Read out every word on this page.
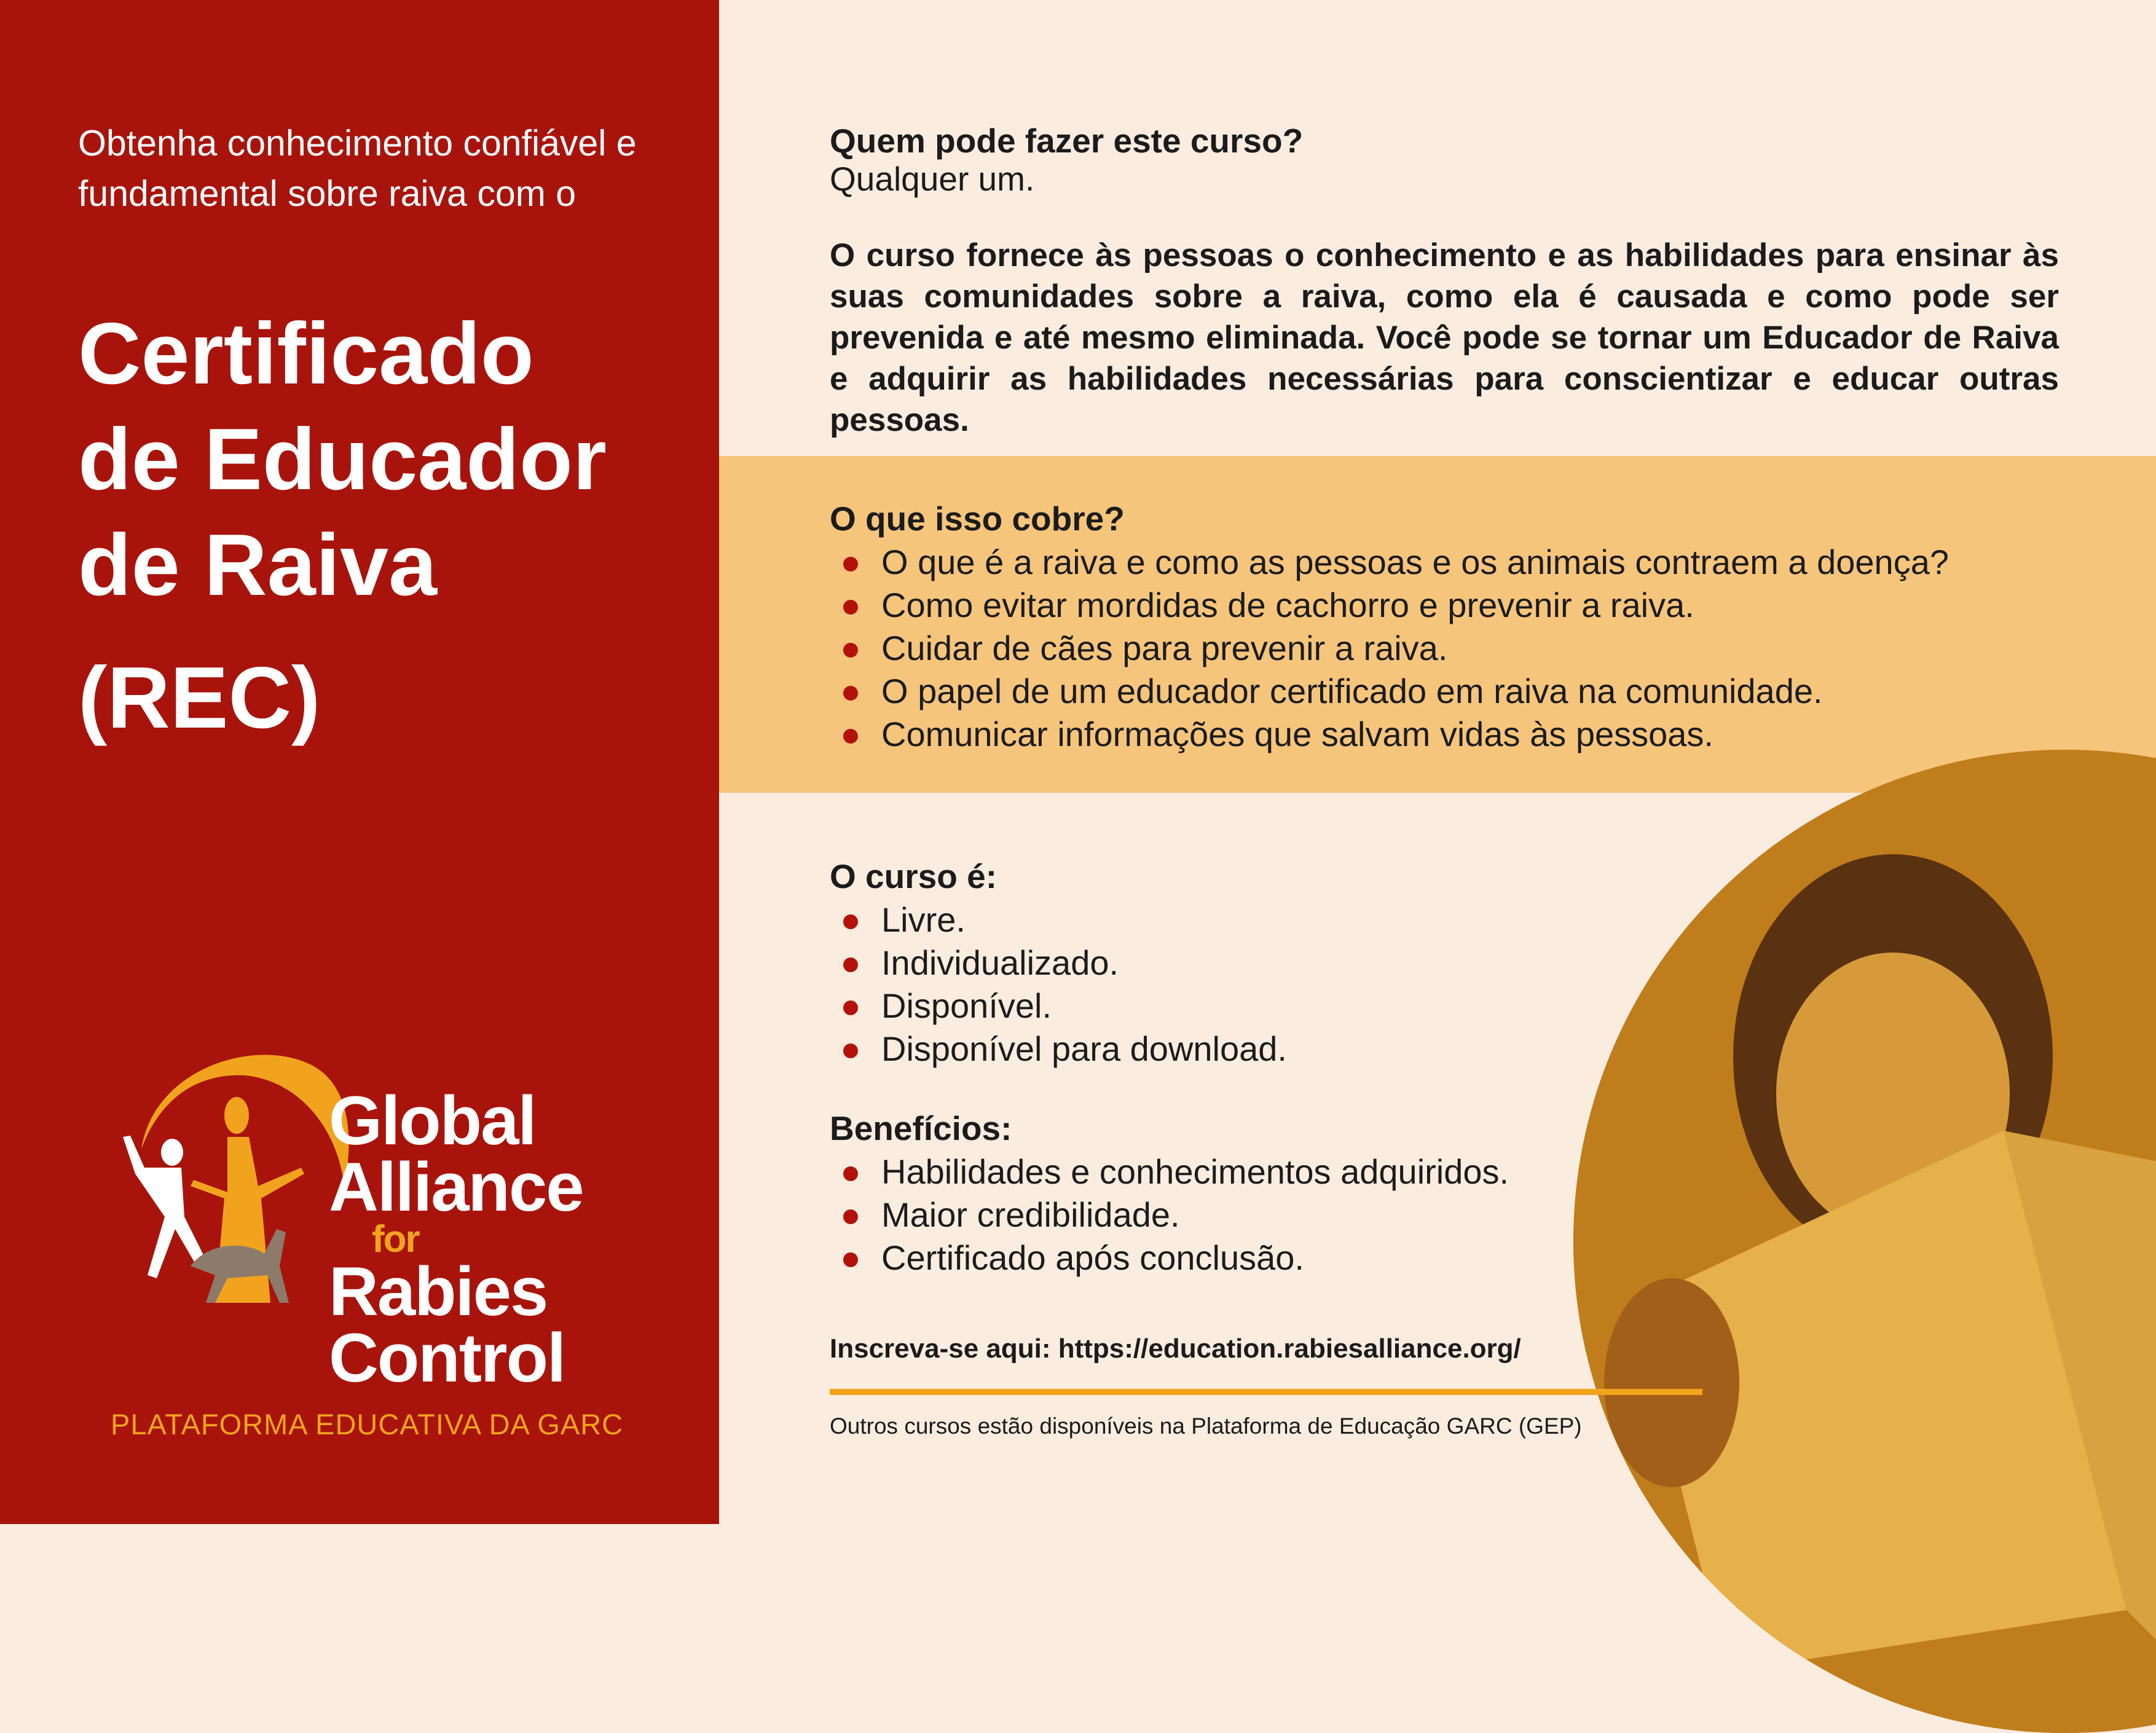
Obtenha conhecimento confiável e fundamental sobre raiva com o
Certificado
de Educador
de Raiva
(REC)
Global
Alliance
for
Rabies
Control
PLATAFORMA EDUCATIVA DA GARC
Quem pode fazer este curso?
Qualquer um.
O curso fornece às pessoas o conhecimento e as habilidades para ensinar às suas comunidades sobre a raiva, como ela é causada e como pode ser prevenida e até mesmo eliminada. Você pode se tornar um Educador de Raiva e adquirir as habilidades necessárias para conscientizar e educar outras pessoas.
O que isso cobre?
O que é a raiva e como as pessoas e os animais contraem a doença?
Como evitar mordidas de cachorro e prevenir a raiva.
Cuidar de cães para prevenir a raiva.
O papel de um educador certificado em raiva na comunidade.
Comunicar informações que salvam vidas às pessoas.
O curso é:
Livre.
Individualizado.
Disponível.
Disponível para download.
Benefícios:
Habilidades e conhecimentos adquiridos.
Maior credibilidade.
Certificado após conclusão.
Inscreva-se aqui: https://education.rabiesalliance.org/
Outros cursos estão disponíveis na Plataforma de Educação GARC (GEP)
